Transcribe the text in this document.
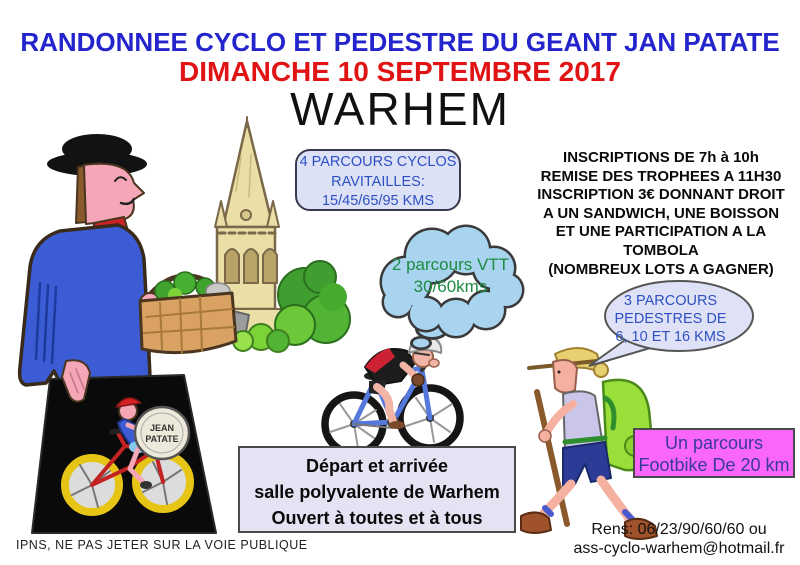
RANDONNEE CYCLO ET PEDESTRE DU GEANT JAN PATATE
DIMANCHE 10 SEPTEMBRE 2017
WARHEM
JEAN
PATATE
4 PARCOURS CYCLOS
RAVITAILLES:
15/45/65/95 KMS
2 parcours VTT
30/60kms
INSCRIPTIONS DE 7h à 10h
REMISE DES TROPHEES A 11H30
INSCRIPTION 3€ DONNANT DROIT
A UN SANDWICH, UNE BOISSON
ET UNE PARTICIPATION A LA
TOMBOLA
(NOMBREUX LOTS A GAGNER)
3 PARCOURS
PEDESTRES DE
6, 10 ET 16 KMS
Un parcours
Footbike De 20 km
Départ et arrivée
salle polyvalente de Warhem
Ouvert à toutes et à tous
IPNS, NE PAS JETER SUR LA VOIE PUBLIQUE
Rens: 06/23/90/60/60 ou
ass-cyclo-warhem@hotmail.fr
